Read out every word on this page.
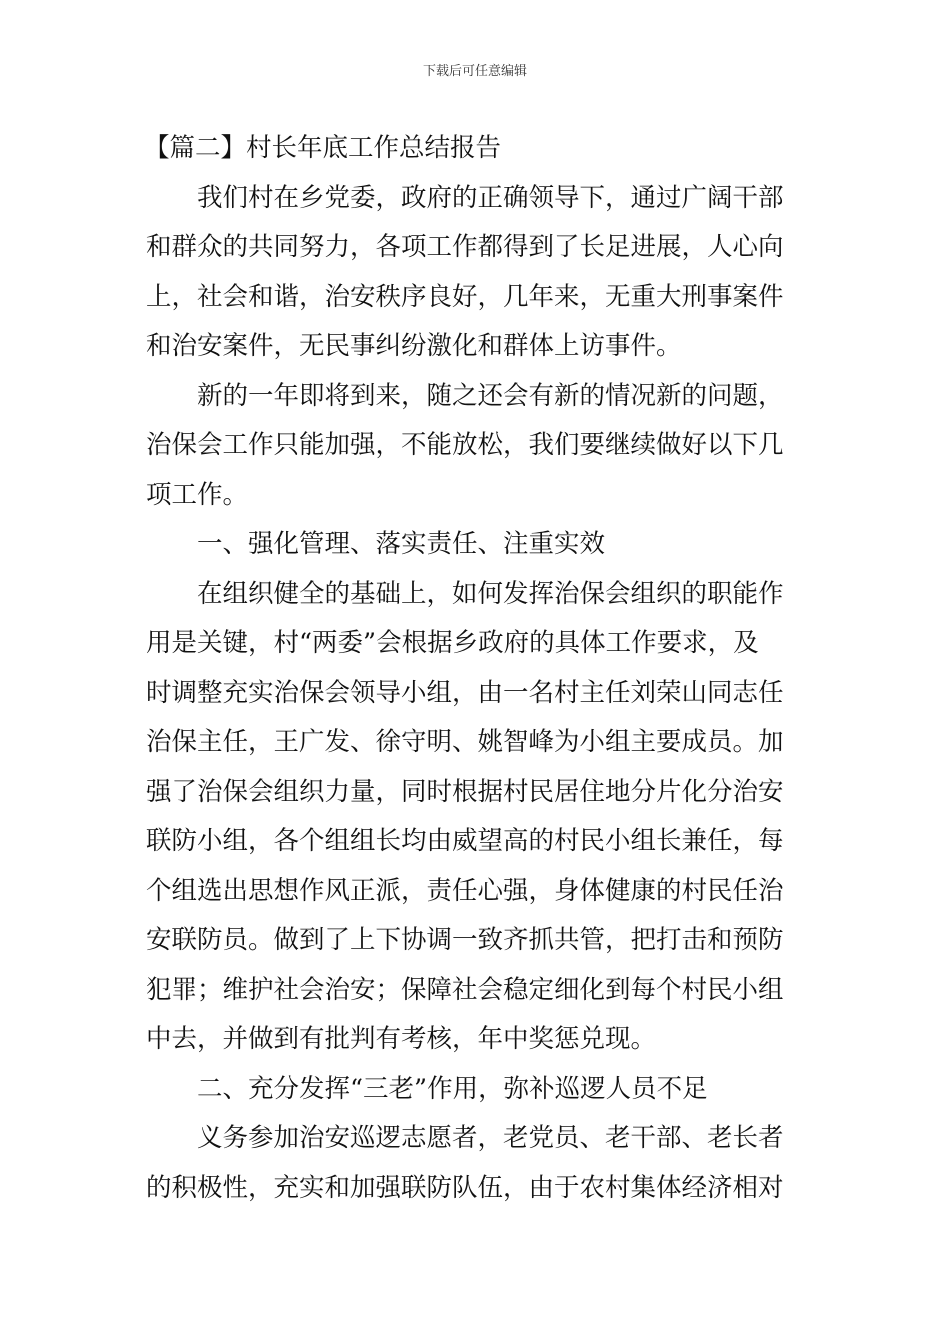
下载后可任意编辑
【篇二】村长年底工作总结报告
我们村在乡党委，政府的正确领导下，通过广阔干部
和群众的共同努力，各项工作都得到了长足进展，人心向
上，社会和谐，治安秩序良好，几年来，无重大刑事案件
和治安案件，无民事纠纷激化和群体上访事件。
新的一年即将到来，随之还会有新的情况新的问题，
治保会工作只能加强，不能放松，我们要继续做好以下几
项工作。
一、强化管理、落实责任、注重实效
在组织健全的基础上，如何发挥治保会组织的职能作
用是关键，村“两委”会根据乡政府的具体工作要求，及
时调整充实治保会领导小组，由一名村主任刘荣山同志任
治保主任，王广发、徐守明、姚智峰为小组主要成员。加
强了治保会组织力量，同时根据村民居住地分片化分治安
联防小组，各个组组长均由威望高的村民小组长兼任，每
个组选出思想作风正派，责任心强，身体健康的村民任治
安联防员。做到了上下协调一致齐抓共管，把打击和预防
犯罪；维护社会治安；保障社会稳定细化到每个村民小组
中去，并做到有批判有考核，年中奖惩兑现。
二、充分发挥“三老”作用，弥补巡逻人员不足
义务参加治安巡逻志愿者，老党员、老干部、老长者
的积极性，充实和加强联防队伍，由于农村集体经济相对
